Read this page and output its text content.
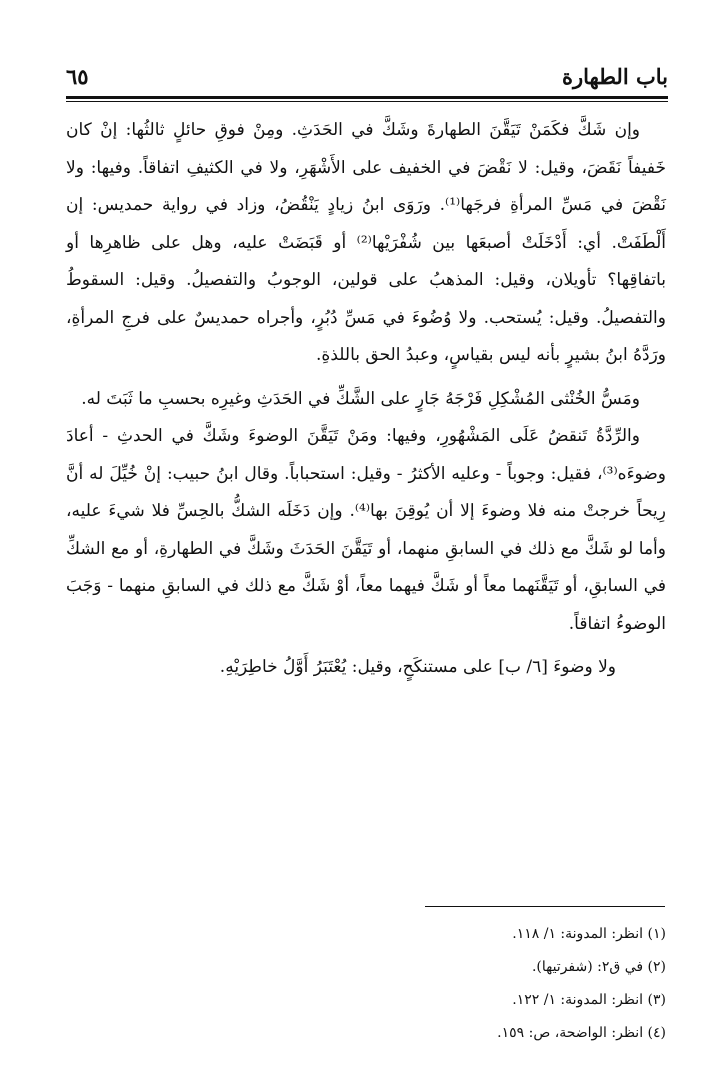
باب الطهارة
٦٥

وإن شَكَّ فكَمَنْ تَيَقَّنَ الطهارةَ وشَكَّ في الحَدَثِ. ومِنْ فوقِ حائلٍ ثالثُها: إنْ كان خَفيفاً نَقَضَ، وقيل: لا نَقْضَ في الخفيف على الأَشْهَرِ، ولا في الكثيفِ اتفاقاً. وفيها: ولا نَقْضَ في مَسِّ المرأةِ فرجَها⁽¹⁾. ورَوَى ابنُ زيادٍ يَنْقُضُ، وزاد في رواية حمديس: إن أَلْطَفَتْ. أي: أَدْخَلَتْ أصبعَها بين شُفْرَيْها⁽²⁾ أو قَبَضَتْ عليه، وهل على ظاهرِها أو باتفاقِها؟ تأويلان، وقيل: المذهبُ على قولين، الوجوبُ والتفصيلُ. وقيل: السقوطُ والتفصيلُ. وقيل: يُستحب. ولا وُضُوءَ في مَسِّ دُبُرٍ، وأجراه حمديسٌ على فرجِ المرأةِ، ورَدَّهُ ابنُ بشيرٍ بأنه ليس بقياسٍ، وعبدُ الحق باللذةِ.

ومَسُّ الخُنْثى المُشْكِلِ فَرْجَهُ جَارٍ على الشَّكِّ في الحَدَثِ وغيرِه بحسبِ ما ثَبَتَ له.

والرِّدَّةُ تَنقضُ عَلَى المَشْهُورِ، وفيها: ومَنْ تَيَقَّنَ الوضوءَ وشَكَّ في الحدثِ - أعادَ وضوءَه⁽³⁾، فقيل: وجوباً - وعليه الأكثرُ - وقيل: استحباباً. وقال ابنُ حبيب: إنْ خُيِّلَ له أنَّ رِيحاً خرجتْ منه فلا وضوءَ إلا أن يُوقِنَ بها⁽⁴⁾. وإن دَخَلَه الشكُّ بالحِسِّ فلا شيءَ عليه، وأما لو شَكَّ مع ذلك في السابقِ منهما، أو تَيَقَّنَ الحَدَثَ وشَكَّ في الطهارةِ، أو مع الشكِّ في السابقِ، أو تَيَقَّنَهما معاً أو شَكَّ فيهما معاً، أوْ شَكَّ مع ذلك في السابقِ منهما - وَجَبَ الوضوءُ اتفاقاً.

ولا وضوءَ [٦/ ب] على مستنكَحٍ، وقيل: يُعْتَبَرُ أَوَّلُ خاطِرَيْهِ.

(١) انظر: المدونة: ١/ ١١٨.
(٢) في ق٢: (شفرتيها).
(٣) انظر: المدونة: ١/ ١٢٢.
(٤) انظر: الواضحة، ص: ١٥٩.
